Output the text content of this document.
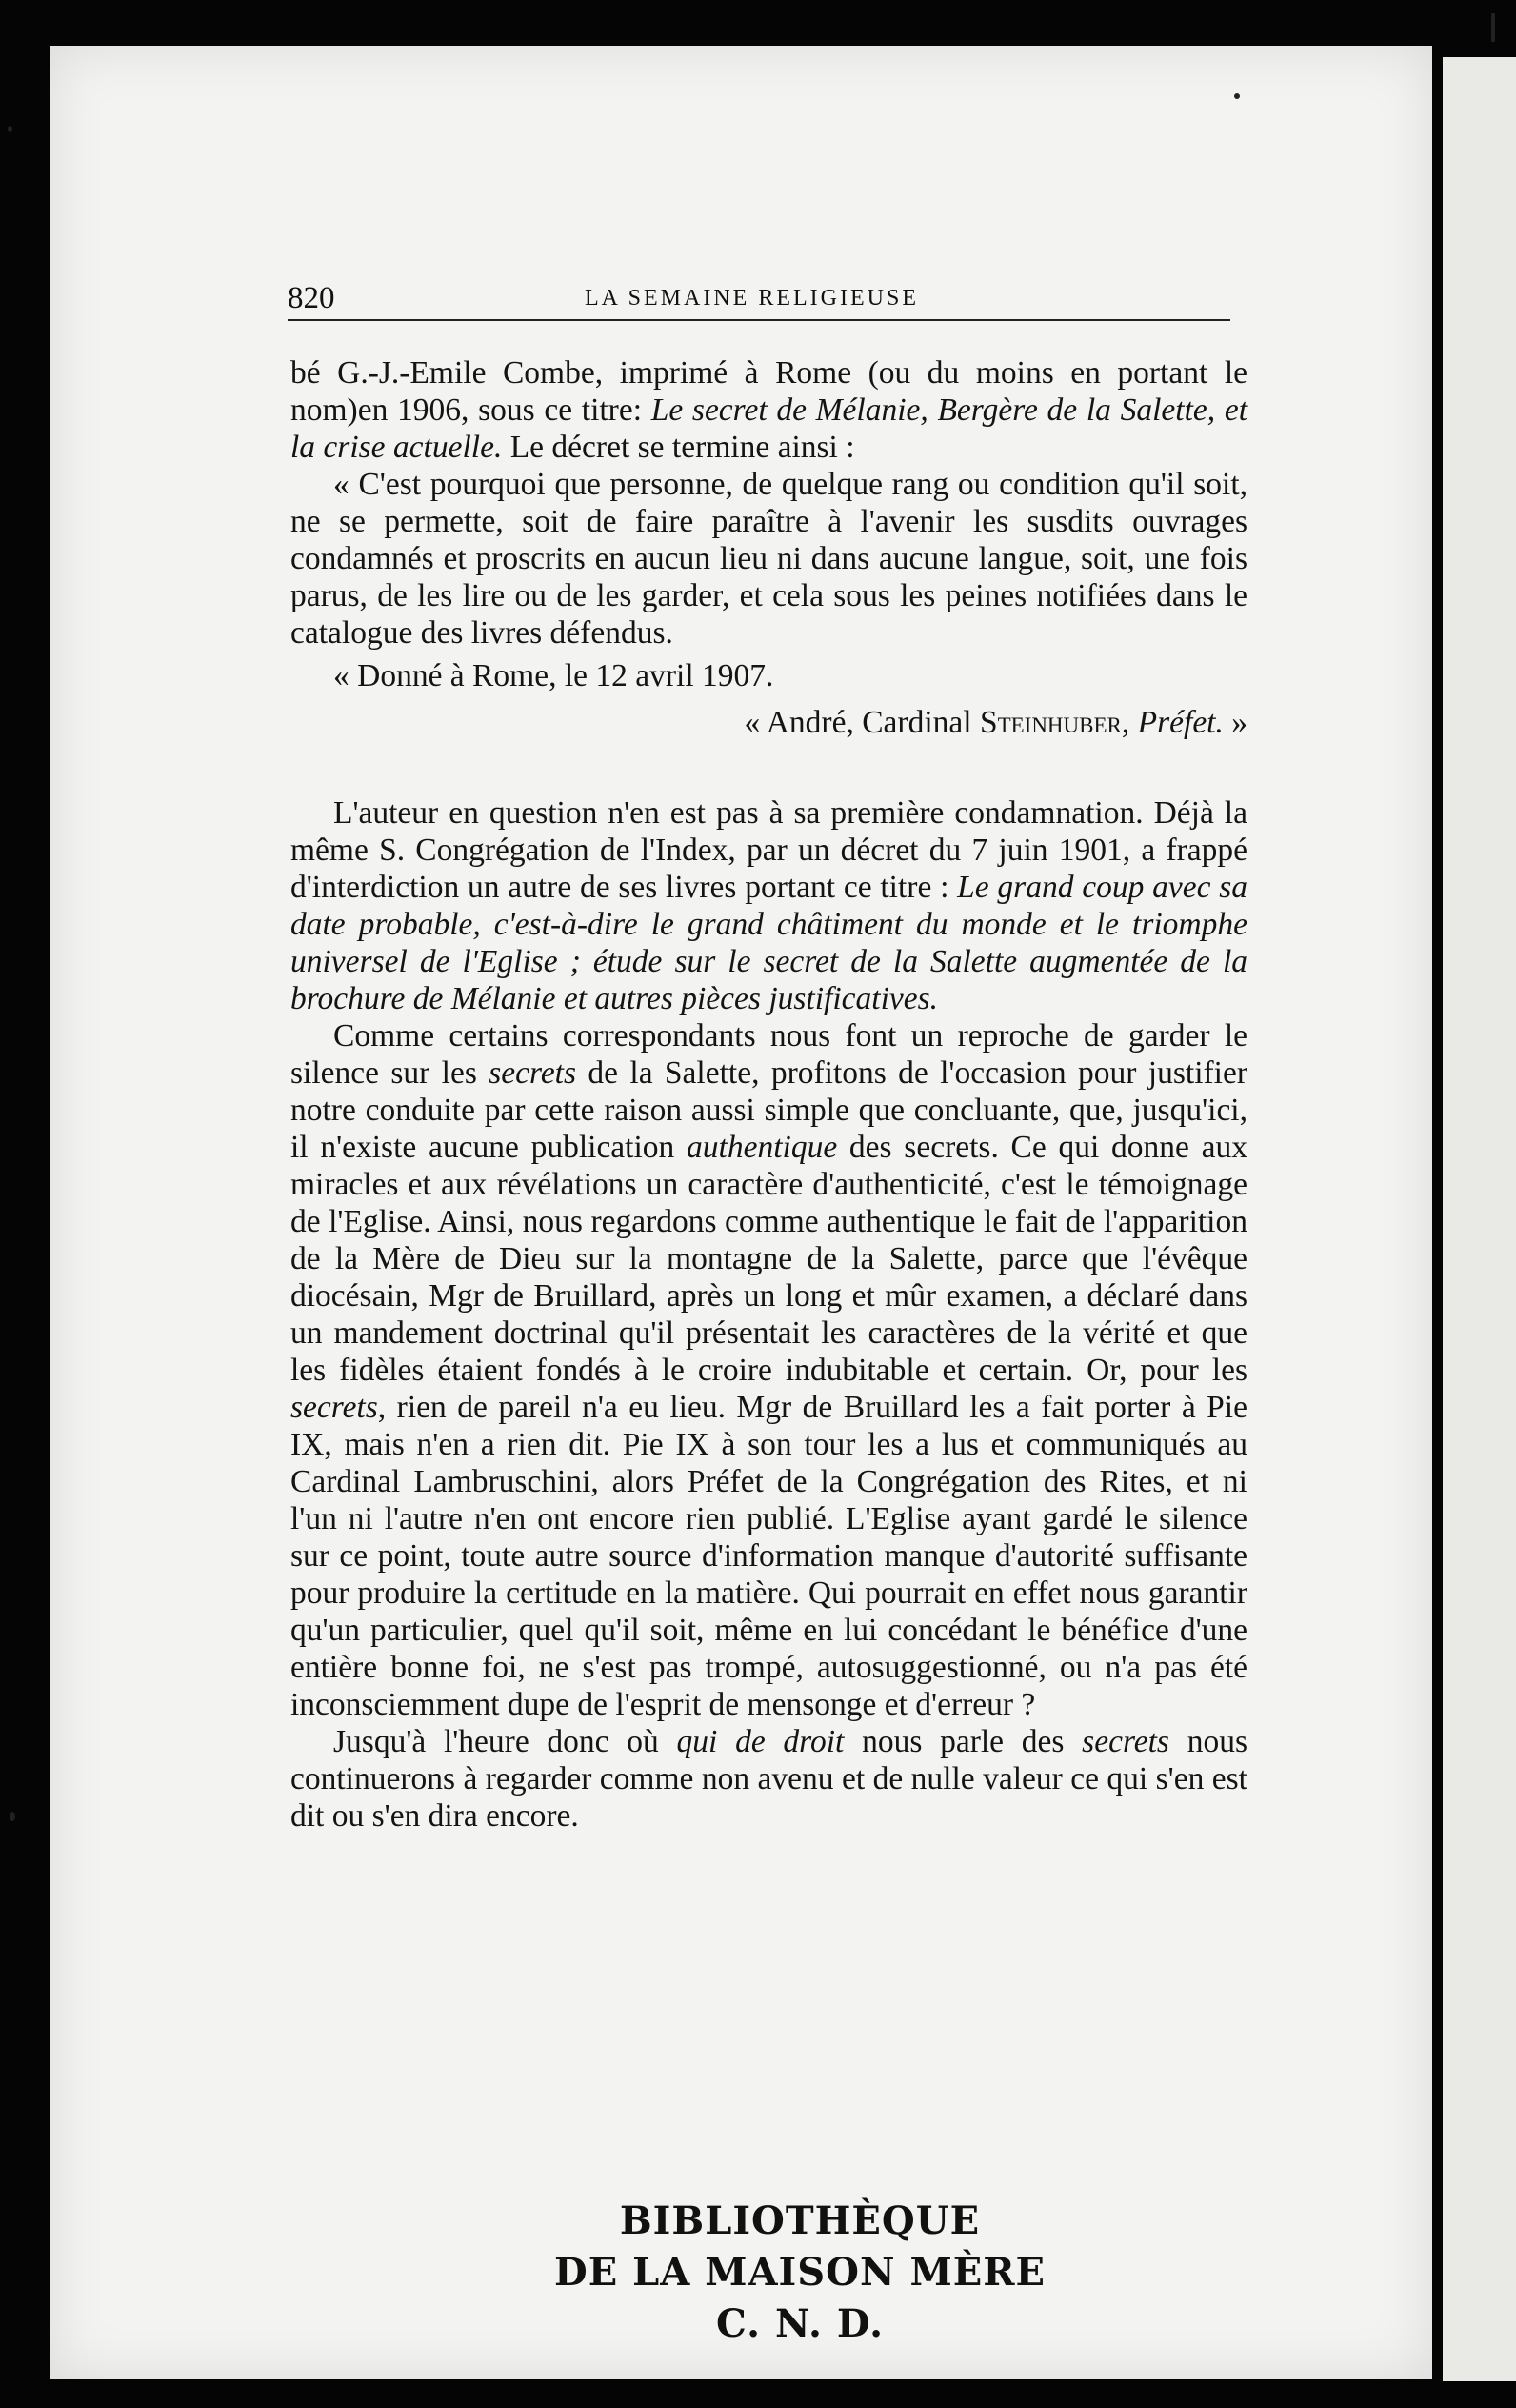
820	LA SEMAINE RELIGIEUSE

bé G.-J.-Emile Combe, imprimé à Rome (ou du moins en portant le nom)en 1906, sous ce titre: Le secret de Mélanie, Bergère de la Salette, et la crise actuelle. Le décret se termine ainsi :

« C'est pourquoi que personne, de quelque rang ou condition qu'il soit, ne se permette, soit de faire paraître à l'avenir les susdits ouvrages condamnés et proscrits en aucun lieu ni dans aucune langue, soit, une fois parus, de les lire ou de les garder, et cela sous les peines notifiées dans le catalogue des livres défendus.

« Donné à Rome, le 12 avril 1907.

« André, Cardinal Steinhuber, Préfet. »

L'auteur en question n'en est pas à sa première condamnation. Déjà la même S. Congrégation de l'Index, par un décret du 7 juin 1901, a frappé d'interdiction un autre de ses livres portant ce titre : Le grand coup avec sa date probable, c'est-à-dire le grand châtiment du monde et le triomphe universel de l'Eglise ; étude sur le secret de la Salette augmentée de la brochure de Mélanie et autres pièces justificatives.

Comme certains correspondants nous font un reproche de garder le silence sur les secrets de la Salette, profitons de l'occasion pour justifier notre conduite par cette raison aussi simple que concluante, que, jusqu'ici, il n'existe aucune publication authentique des secrets. Ce qui donne aux miracles et aux révélations un caractère d'authenticité, c'est le témoignage de l'Eglise. Ainsi, nous regardons comme authentique le fait de l'apparition de la Mère de Dieu sur la montagne de la Salette, parce que l'évêque diocésain, Mgr de Bruillard, après un long et mûr examen, a déclaré dans un mandement doctrinal qu'il présentait les caractères de la vérité et que les fidèles étaient fondés à le croire indubitable et certain. Or, pour les secrets, rien de pareil n'a eu lieu. Mgr de Bruillard les a fait porter à Pie IX, mais n'en a rien dit. Pie IX à son tour les a lus et communiqués au Cardinal Lambruschini, alors Préfet de la Congrégation des Rites, et ni l'un ni l'autre n'en ont encore rien publié. L'Eglise ayant gardé le silence sur ce point, toute autre source d'information manque d'autorité suffisante pour produire la certitude en la matière. Qui pourrait en effet nous garantir qu'un particulier, quel qu'il soit, même en lui concédant le bénéfice d'une entière bonne foi, ne s'est pas trompé, autosuggestionné, ou n'a pas été inconsciemment dupe de l'esprit de mensonge et d'erreur ?

Jusqu'à l'heure donc où qui de droit nous parle des secrets nous continuerons à regarder comme non avenu et de nulle valeur ce qui s'en est dit ou s'en dira encore.

BIBLIOTHÈQUE
DE LA MAISON MÈRE
C. N. D.
